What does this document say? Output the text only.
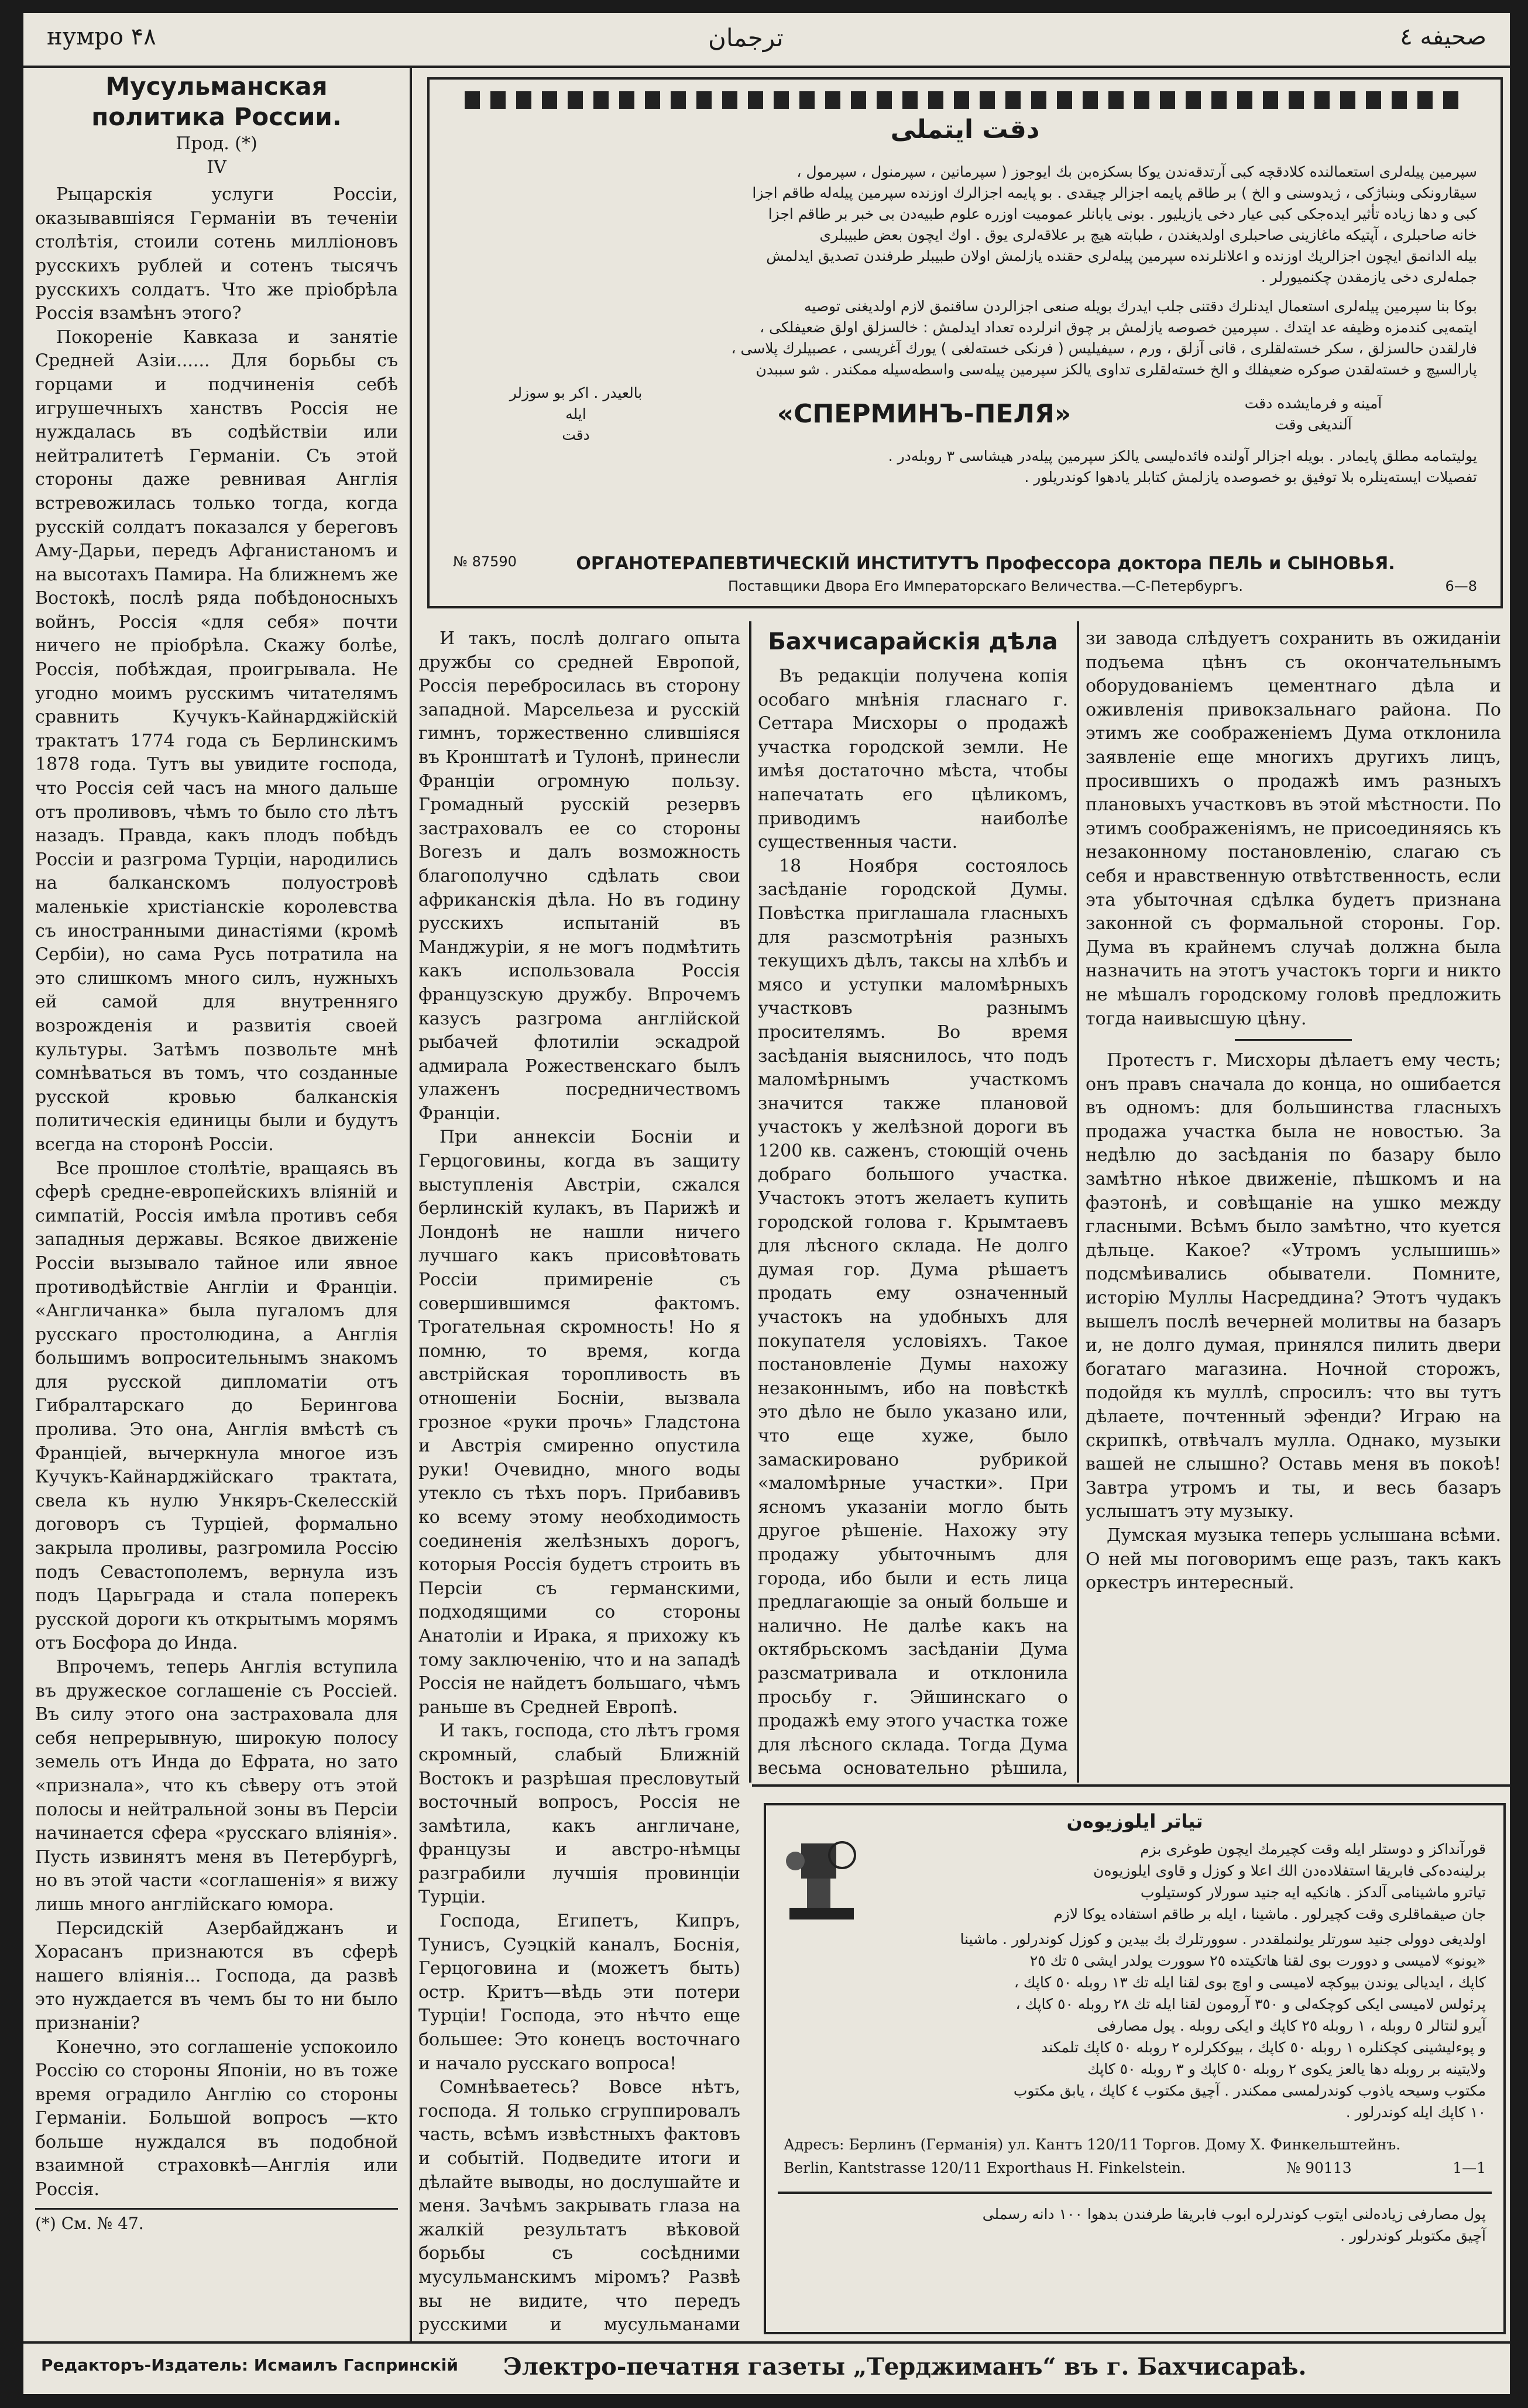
нумро ۴۸	ترجمان	صحيفه ٤
Мусульманская политика России.
Прод. (*)
IV

Рыцарскія услуги Россіи, оказывавшіяся Германіи въ теченіи столѣтія, стоили сотень милліоновъ русскихъ рублей и сотенъ тысячъ русскихъ солдатъ. Что же пріобрѣла Россія взамѣнъ этого?

Покореніе Кавказа и занятіе Средней Азіи...... Для борьбы съ горцами и подчиненія себѣ игрушечныхъ ханствъ Россія не нуждалась въ содѣйствіи или нейтралитетѣ Германіи. Съ этой стороны даже ревнивая Англія встревожилась только тогда, когда русскій солдатъ показался у береговъ Аму-Дарьи, передъ Афганистаномъ и на высотахъ Памира. На ближнемъ же Востокѣ, послѣ ряда побѣдоносныхъ войнъ, Россія «для себя» почти ничего не пріобрѣла. Скажу болѣе, Россія, побѣждая, проигрывала. Не угодно моимъ русскимъ читателямъ сравнить Кучукъ-Кайнарджійскій трактатъ 1774 года съ Берлинскимъ 1878 года. Тутъ вы увидите господа, что Россія сей часъ на много дальше отъ проливовъ, чѣмъ то было сто лѣтъ назадъ. Правда, какъ плодъ побѣдъ Россіи и разгрома Турціи, народились на балканскомъ полуостровѣ маленькіе христіанскіе королевства съ иностранными династіями (кромѣ Сербіи), но сама Русь потратила на это слишкомъ много силъ, нужныхъ ей самой для внутренняго возрожденія и развитія своей культуры. Затѣмъ позвольте мнѣ сомнѣваться въ томъ, что созданные русской кровью балканскія политическія единицы были и будутъ всегда на сторонѣ Россіи.

Все прошлое столѣтіе, вращаясь въ сферѣ средне-европейскихъ вліяній и симпатій, Россія имѣла противъ себя западныя державы. Всякое движеніе Россіи вызывало тайное или явное противодѣйствіе Англіи и Франціи. «Англичанка» была пугаломъ для русскаго простолюдина, а Англія большимъ вопросительнымъ знакомъ для русской дипломатіи отъ Гибралтарскаго до Берингова пролива. Это она, Англія вмѣстѣ съ Франціей, вычеркнула многое изъ Кучукъ-Кайнарджійскаго трактата, свела къ нулю Ункяръ-Скелесскій договоръ съ Турціей, формально закрыла проливы, разгромила Россію подъ Севастополемъ, вернула изъ подъ Царьграда и стала поперекъ русской дороги къ открытымъ морямъ отъ Босфора до Инда.

Впрочемъ, теперь Англія вступила въ дружеское соглашеніе съ Россіей. Въ силу этого она застраховала для себя непрерывную, широкую полосу земель отъ Инда до Ефрата, но зато «признала», что къ сѣверу отъ этой полосы и нейтральной зоны въ Персіи начинается сфера «русскаго вліянія». Пусть извинятъ меня въ Петербургѣ, но въ этой части «соглашенія» я вижу лишь много англійскаго юмора.

Персидскій Азербайджанъ и Хорасанъ признаются въ сферѣ нашего вліянія... Господа, да развѣ это нуждается въ чемъ бы то ни было признаніи?

Конечно, это соглашеніе успокоило Россію со стороны Японіи, но въ тоже время оградило Англію со стороны Германіи. Большой вопросъ —кто больше нуждался въ подобной взаимной страховкѣ—Англія или Россія.

(*) См. № 47.
دقت ايتملى
سپرمين پيلەلرى استعمالندە كلادقچە كبى آرتدقەندن يوكا بسكزەبن بك ايوجوز ( سپرمانين ، سپرمنول ، سپرمول ،
سيقارونكى وبنباژكى ، ژيدوسنى و الخ ) بر طاقم پايمه اجزالر چيقدى . بو پايمه اجزالرك اوزنده سپرمين پيلەلە طاقم اجزا
كبى و دها زياده تأثير ايدەجكى كبى عيار دخى يازيليور . بونى يابانلر عموميت اوزرە علوم طبيەدن بى خبر بر طاقم اجزا
خانه صاحبلرى ، آپتيكه ماغازينى صاحبلرى اولديغندن ، طبابتە هيچ بر علاقەلرى يوق . اوك ايچون بعض طبيبلرى
بيله الدانمق ايچون اجزالريك اوزنده و اعلانلرنده سپرمين پيلەلرى حقنده يازلمش اولان طبيبلر طرفندن تصديق ايدلمش
جملەلرى دخى يازمقدن چكنميورلر .
بوكا بنا سپرمين پيلەلرى استعمال ايدنلرك دقتنى جلب ايدرك بويلە صنعى اجزالردن ساقنمق لازم اولديغنى توصيه
ايتمەيى كندمزە وظيفە عد ايتدك . سپرمين خصوصە يازلمش بر چوق انرلرده تعداد ايدلمش : خالسزلق اولق ضعيفلكى ،
فارلقدن حالسزلق ، سكر خستەلقلرى ، قانى آزلق ، ورم ، سيفيليس ( فرنكى خستەلغى ) يورك آغريسى ، عصبيلرك پلاسى ،
پارالسيچ و خستەلقدن صوكره ضعيفلك و الخ خستەلقلرى تداوى يالكز سپرمين پيلەسى واسطەسيلە ممكندر . شو سببدن
آمينە و فرمايشدە دقت
آلنديغى وقت
«СПЕРМИНЪ-ПЕЛЯ»
بالعيدر . اكر بو سوزلر
ايله
دقت
يوليتمامه مطلق پايمادر . بويلە اجزالر آولندە فائدەليسى يالكز سپرمين پيلەدر هيشاسى ٣ روبلەدر .
تفصيلات ايستەينلره بلا توفيق بو خصوصده يازلمش كتابلر يادهوا كوندريلور .
№ 87590	ОРГАНОТЕРАПЕВТИЧЕСКІЙ ИНСТИТУТЪ Профессора доктора ПЕЛЬ и СЫНОВЬЯ.
Поставщики Двора Его Императорскаго Величества.—С-Петербургъ.	6—8

И такъ, послѣ долгаго опыта дружбы со средней Европой, Россія перебросилась въ сторону западной. Марсельеза и русскій гимнъ, торжественно слившіяся въ Кронштатѣ и Тулонѣ, принесли Франціи огромную пользу. Громадный русскій резервъ застраховалъ ее со стороны Вогезъ и далъ возможность благополучно сдѣлать свои африканскія дѣла. Но въ годину русскихъ испытаній въ Манджуріи, я не могъ подмѣтить какъ использовала Россія французскую дружбу. Впрочемъ казусъ разгрома англійской рыбачей флотиліи эскадрой адмирала Рожественскаго былъ улаженъ посредничествомъ Франціи.

При аннексіи Босніи и Герцоговины, когда въ защиту выступленія Австріи, сжался берлинскій кулакъ, въ Парижѣ и Лондонѣ не нашли ничего лучшаго какъ присовѣтовать Россіи примиреніе съ совершившимся фактомъ. Трогательная скромность! Но я помню, то время, когда австрійская торопливость въ отношеніи Босніи, вызвала грозное «руки прочь» Гладстона и Австрія смиренно опустила руки! Очевидно, много воды утекло съ тѣхъ поръ. Прибавивъ ко всему этому необходимость соединенія желѣзныхъ дорогъ, которыя Россія будетъ строить въ Персіи съ германскими, подходящими со стороны Анатоліи и Ирака, я прихожу къ тому заключенію, что и на западѣ Россія не найдетъ большаго, чѣмъ раньше въ Средней Европѣ.

И такъ, господа, сто лѣтъ громя скромный, слабый Ближній Востокъ и разрѣшая пресловутый восточный вопросъ, Россія не замѣтила, какъ англичане, французы и австро-нѣмцы разграбили лучшія провинціи Турціи.

Господа, Египетъ, Кипръ, Тунисъ, Суэцкій каналъ, Боснія, Герцоговина и (можетъ быть) остр. Критъ—вѣдь эти потери Турціи! Господа, это нѣчто еще большее: Это конецъ восточнаго и начало русскаго вопроса!

Сомнѣваетесь? Вовсе нѣтъ, господа. Я только сгруппировалъ часть, всѣмъ извѣстныхъ фактовъ и событій. Подведите итоги и дѣлайте выводы, но дослушайте и меня. Зачѣмъ закрывать глаза на жалкій результатъ вѣковой борьбы съ сосѣдними мусульманскимъ міромъ? Развѣ вы не видите, что передъ русскими и мусульманами

Бахчисарайскія дѣла

Въ редакціи получена копія особаго мнѣнія гласнаго г. Сеттара Мисхоры о продажѣ участка городской земли. Не имѣя достаточно мѣста, чтобы напечатать его цѣликомъ, приводимъ наиболѣе существенныя части.

18 Ноября состоялось засѣданіе городской Думы. Повѣстка приглашала гласныхъ для разсмотрѣнія разныхъ текущихъ дѣлъ, таксы на хлѣбъ и мясо и уступки маломѣрныхъ участковъ разнымъ просителямъ. Во время засѣданія выяснилось, что подъ маломѣрнымъ участкомъ значится также плановой участокъ у желѣзной дороги въ 1200 кв. саженъ, стоющій очень добраго большого участка. Участокъ этотъ желаетъ купить городской голова г. Крымтаевъ для лѣсного склада. Не долго думая гор. Дума рѣшаетъ продать ему означенный участокъ на удобныхъ для покупателя условіяхъ. Такое постановленіе Думы нахожу незаконнымъ, ибо на повѣсткѣ это дѣло не было указано или, что еще хуже, было замаскировано рубрикой «маломѣрные участки». При ясномъ указаніи могло быть другое рѣшеніе. Нахожу эту продажу убыточнымъ для города, ибо были и есть лица предлагающіе за оный больше и налично. Не далѣе какъ на октябрьскомъ засѣданіи Дума разсматривала и отклонила просьбу г. Эйшинскаго о продажѣ ему этого участка тоже для лѣсного склада. Тогда Дума весьма основательно рѣшила,

зи завода слѣдуетъ сохранить въ ожиданіи подъема цѣнъ съ окончательнымъ оборудованіемъ цементнаго дѣла и оживленія привокзальнаго района. По этимъ же соображеніемъ Дума отклонила заявленіе еще многихъ другихъ лицъ, просившихъ о продажѣ имъ разныхъ плановыхъ участковъ въ этой мѣстности. По этимъ соображеніямъ, не присоединяясь къ незаконному постановленію, слагаю съ себя и нравственную отвѣтственность, если эта убыточная сдѣлка будетъ признана законной съ формальной стороны. Гор. Дума въ крайнемъ случаѣ должна была назначить на этотъ участокъ торги и никто не мѣшалъ городскому головѣ предложить тогда наивысшую цѣну.

Протестъ г. Мисхоры дѣлаетъ ему честь; онъ правъ сначала до конца, но ошибается въ одномъ: для большинства гласныхъ продажа участка была не новостью. За недѣлю до засѣданія по базару было замѣтно нѣкое движеніе, пѣшкомъ и на фаэтонѣ, и совѣщаніе на ушко между гласными. Всѣмъ было замѣтно, что куется дѣльце. Какое? «Утромъ услышишь» подсмѣивались обыватели. Помните, исторію Муллы Насреддина? Этотъ чудакъ вышелъ послѣ вечерней молитвы на базаръ и, не долго думая, принялся пилить двери богатаго магазина. Ночной сторожъ, подойдя къ муллѣ, спросилъ: что вы тутъ дѣлаете, почтенный эфенди? Играю на скрипкѣ, отвѣчалъ мулла. Однако, музыки вашей не слышно? Оставь меня въ покоѣ! Завтра утромъ и ты, и весь базаръ услышатъ эту музыку.

Думская музыка теперь услышана всѣми. О ней мы поговоримъ еще разъ, такъ какъ оркестръ интересный.

تياتر ايلوزيوەن
قورآنداكز و دوستلر ايلە وقت كچيرمك ايچون طوغرى بزم
برلينەدەكى فابريقا استفلادەدن الك اعلا و كوزل و قاوى ايلوزيوەن
تياترو ماشينامى آلدكز . هانكيە ايە جنيد سورلار كوستيلوب
جان صيقماقلرى وقت كچيرلور . ماشينا ، ايلە بر طاقم استفادە يوكا لازم
اولدیغی دوولی جنید سورتلر يولنملقددر . سوورتلرك بك بيدين و كوزل كوندرلور . ماشينا
«يونو» لاميسى و دوورت بوى لقنا هاتكيتدە ٢٥ سوورت يولدر ايشى ٥ تك ٢٥
كاپك ، ايديالى يوندن بيوكچە لاميسى و اوچ بوى لقنا ايلە تك ١٣ روبلە ٥٠ كاپك ،
پرئولس لاميسى ايكى كوچكەلى و ٣٥٠ آرومون لقنا ايلە تك ٢٨ روبلە ٥٠ كاپك ،
آيرو لنتالر ٥ روبلە ، ١ روبلە ٢٥ كاپك و ايكى روبلە . پول مصارفى
و پوءليشينى كچكنلرە ١ روبلە ٥٠ كاپك ، بيوككرلرە ٢ روبلە ٥٠ كاپك تلمكند
ولايتينە بر روبلە دها يالعز يكوى ٢ روبلە ٥٠ كاپك و ٣ روبلە ٥٠ كاپك
مكتوب وسيحه ياذوب كوندرلمسى ممكندر . آچيق مكتوب ٤ كاپك ، يابق مكتوب
١٠ كاپك ايلە كوندرلور .
Адресъ: Берлинъ (Германія) ул. Кантъ 120/11 Торгов. Дому Х. Финкельштейнъ.
Berlin, Kantstrasse 120/11 Exporthaus H. Finkelstein.	№ 90113	1—1
پول مصارفى زيادەلنى ايتوب كوندرلرە ابوب فابريقا طرفندن بدهوا ١٠٠ دانە رسملى
آچيق مكتوبلر كوندرلور .
Редакторъ-Издатель: Исмаилъ Гаспринскій Электро-печатня газеты „Терджиманъ“ въ г. Бахчисараѣ.
